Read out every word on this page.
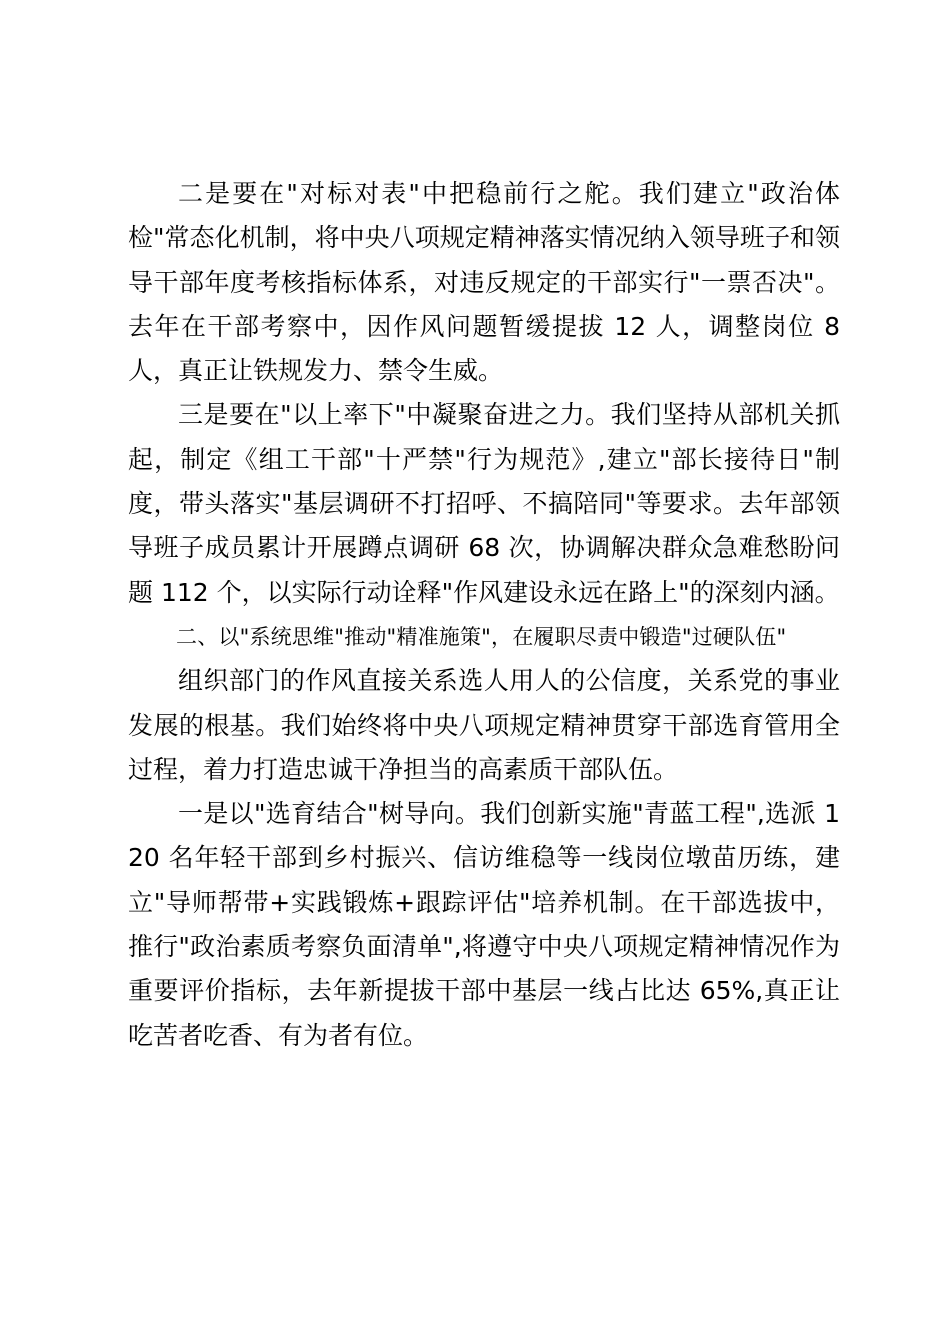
二是要在"对标对表"中把稳前行之舵。我们建立"政治体检"常态化机制，将中央八项规定精神落实情况纳入领导班子和领导干部年度考核指标体系，对违反规定的干部实行"一票否决"。去年在干部考察中，因作风问题暂缓提拔 12 人，调整岗位 8 人，真正让铁规发力、禁令生威。

三是要在"以上率下"中凝聚奋进之力。我们坚持从部机关抓起，制定《组工干部"十严禁"行为规范》,建立"部长接待日"制度，带头落实"基层调研不打招呼、不搞陪同"等要求。去年部领导班子成员累计开展蹲点调研 68 次，协调解决群众急难愁盼问题 112 个，以实际行动诠释"作风建设永远在路上"的深刻内涵。

二、以"系统思维"推动"精准施策"，在履职尽责中锻造"过硬队伍"

组织部门的作风直接关系选人用人的公信度，关系党的事业发展的根基。我们始终将中央八项规定精神贯穿干部选育管用全过程，着力打造忠诚干净担当的高素质干部队伍。

一是以"选育结合"树导向。我们创新实施"青蓝工程",选派 120 名年轻干部到乡村振兴、信访维稳等一线岗位墩苗历练，建立"导师帮带+实践锻炼+跟踪评估"培养机制。在干部选拔中，推行"政治素质考察负面清单",将遵守中央八项规定精神情况作为重要评价指标，去年新提拔干部中基层一线占比达 65%,真正让吃苦者吃香、有为者有位。
